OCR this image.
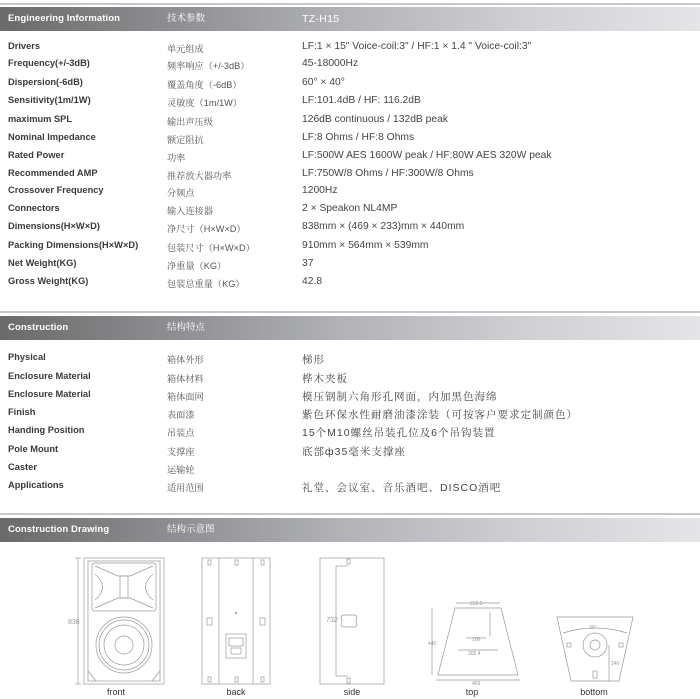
Engineering Information	技术参数	TZ-H15
Drivers	单元组成	LF:1 × 15" Voice-coil:3" / HF:1 × 1.4 " Voice-coil:3"
Frequency(+/-3dB)	频率响应（+/-3dB）	45-18000Hz
Dispersion(-6dB)	覆盖角度（-6dB）	60° × 40°
Sensitivity(1m/1W)	灵敏度（1m/1W）	LF:101.4dB / HF: 116.2dB
maximum SPL	输出声压级	126dB continuous / 132dB peak
Nominal Impedance	额定阻抗	LF:8 Ohms / HF:8 Ohms
Rated Power	功率	LF:500W AES 1600W peak / HF:80W AES 320W peak
Recommended AMP	推荐放大器功率	LF:750W/8 Ohms / HF:300W/8 Ohms
Crossover Frequency	分频点	1200Hz
Connectors	输入连接器	2 × Speakon NL4MP
Dimensions(H×W×D)	净尺寸（H×W×D）	838mm × (469 × 233)mm × 440mm
Packing Dimensions(H×W×D)	包装尺寸（H×W×D）	910mm × 564mm × 539mm
Net Weight(KG)	净重量（KG）	37
Gross Weight(KG)	包装总重量（KG）	42.8
Construction	结构特点
Physical	箱体外形	梯形
Enclosure Material	箱体材料	桦木夹板
Enclosure Material	箱体面网	模压钢制六角形孔网面，内加黑色海绵
Finish	表面漆	紫色环保水性耐磨油漆涂装（可按客户要求定制颜色）
Handing Position	吊装点	15个M10螺丝吊装孔位及6个吊钩装置
Pole Mount	支撑座	底部ф35毫米支撑座
Caster	运输轮
Applications	适用范围	礼堂、会议室、音乐酒吧、DISCO酒吧
Construction Drawing	结构示意图
838
front	back
732
side
233.2
440
265.4
469
100
top
30°
240
bottom
